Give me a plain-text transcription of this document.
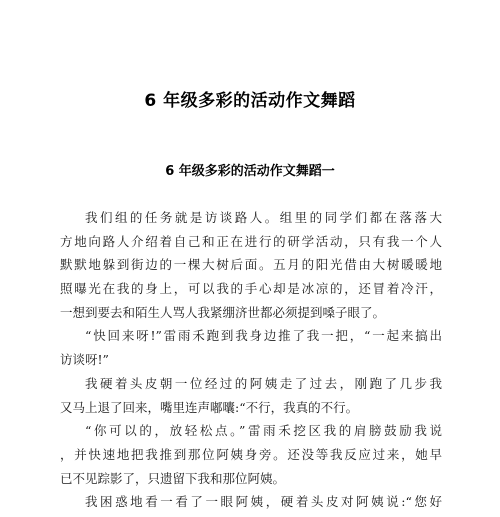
6 年级多彩的活动作文舞蹈
6 年级多彩的活动作文舞蹈一
我们组的任务就是访谈路人。组里的同学们都在落落大
方地向路人介绍着自己和正在进行的研学活动，只有我一个人
默默地躲到街边的一棵大树后面。五月的阳光借由大树暖暖地
照曝光在我的身上，可以我的手心却是冰凉的，还冒着冷汗，
一想到要去和陌生人骂人我紧绷济世都必须提到嗓子眼了。
“快回来呀!”雷雨禾跑到我身边推了我一把，“一起来搞出
访谈呀!”
我硬着头皮朝一位经过的阿姨走了过去，刚跑了几步我
又马上退了回来，嘴里连声嘟囔:“不行，我真的不行。
“你可以的，放轻松点。”雷雨禾挖区我的肩膀鼓励我说
，并快速地把我推到那位阿姨身旁。还没等我反应过来，她早
已不见踪影了，只遗留下我和那位阿姨。
我困惑地看一看了一眼阿姨，硬着头皮对阿姨说:“您好
